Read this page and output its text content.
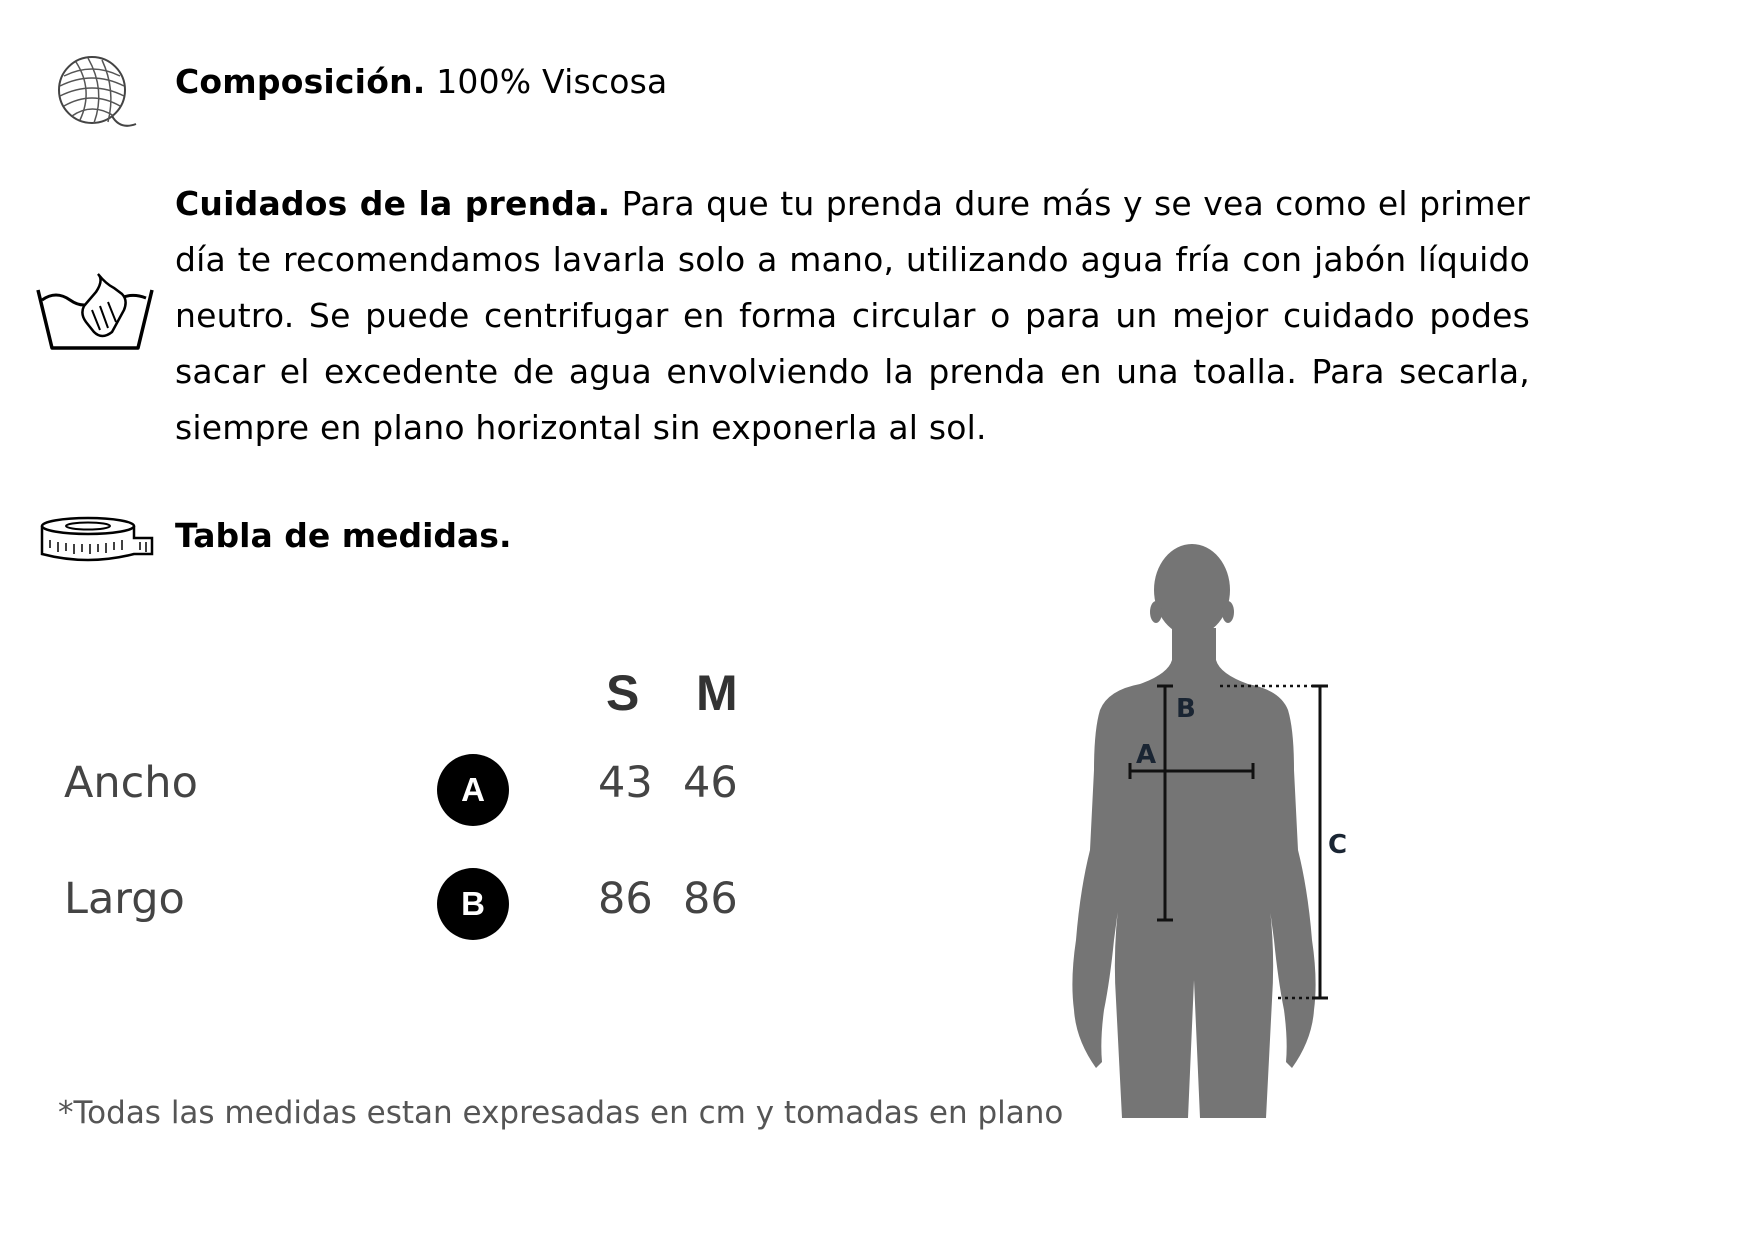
Composición. 100% Viscosa
Cuidados de la prenda. Para que tu prenda dure más y se vea como el primer día te recomendamos lavarla solo a mano, utilizando agua fría con jabón líquido neutro. Se puede centrifugar en forma circular o para un mejor cuidado podes sacar el excedente de agua envolviendo la prenda en una toalla. Para secarla, siempre en plano horizontal sin exponerla al sol.
Tabla de medidas.
S M
Ancho	A	43 46
Largo	B	86 86
*Todas las medidas estan expresadas en cm y tomadas en plano
B
A
C
